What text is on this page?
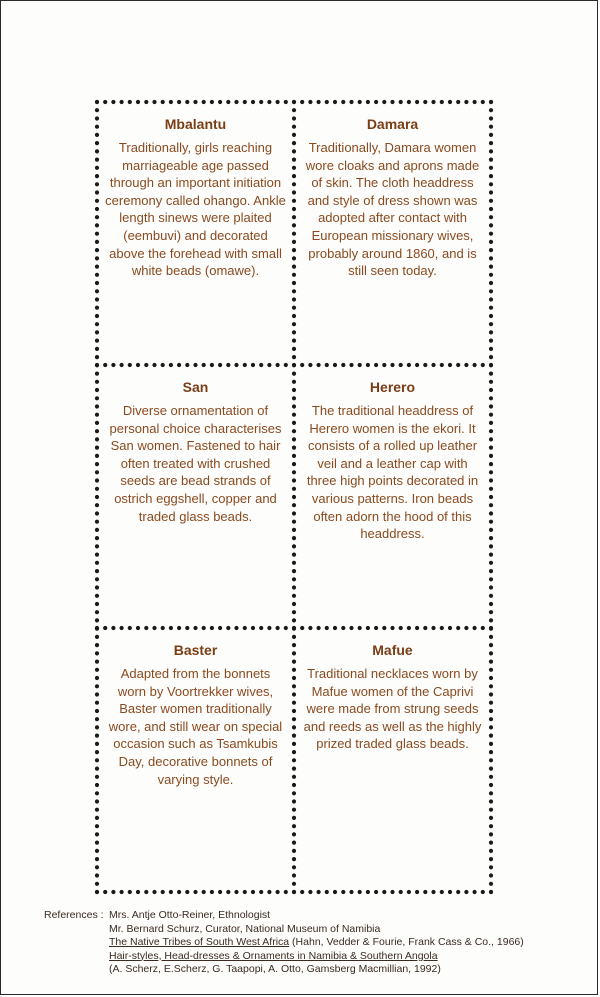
Mbalantu

Traditionally, girls reaching marriageable age passed through an important initiation ceremony called ohango. Ankle length sinews were plaited (eembuvi) and decorated above the forehead with small white beads (omawe).

Damara

Traditionally, Damara women wore cloaks and aprons made of skin. The cloth headdress and style of dress shown was adopted after contact with European missionary wives, probably around 1860, and is still seen today.

San

Diverse ornamentation of personal choice characterises San women. Fastened to hair often treated with crushed seeds are bead strands of ostrich eggshell, copper and traded glass beads.

Herero

The traditional headdress of Herero women is the ekori. It consists of a rolled up leather veil and a leather cap with three high points decorated in various patterns. Iron beads often adorn the hood of this headdress.

Baster

Adapted from the bonnets worn by Voortrekker wives, Baster women traditionally wore, and still wear on special occasion such as Tsamkubis Day, decorative bonnets of varying style.

Mafue

Traditional necklaces worn by Mafue women of the Caprivi were made from strung seeds and reeds as well as the highly prized traded glass beads.

References : Mrs. Antje Otto-Reiner, Ethnologist
Mr. Bernard Schurz, Curator, National Museum of Namibia
The Native Tribes of South West Africa (Hahn, Vedder & Fourie, Frank Cass & Co., 1966)
Hair-styles, Head-dresses & Ornaments in Namibia & Southern Angola
(A. Scherz, E.Scherz, G. Taapopi, A. Otto, Gamsberg Macmillian, 1992)
